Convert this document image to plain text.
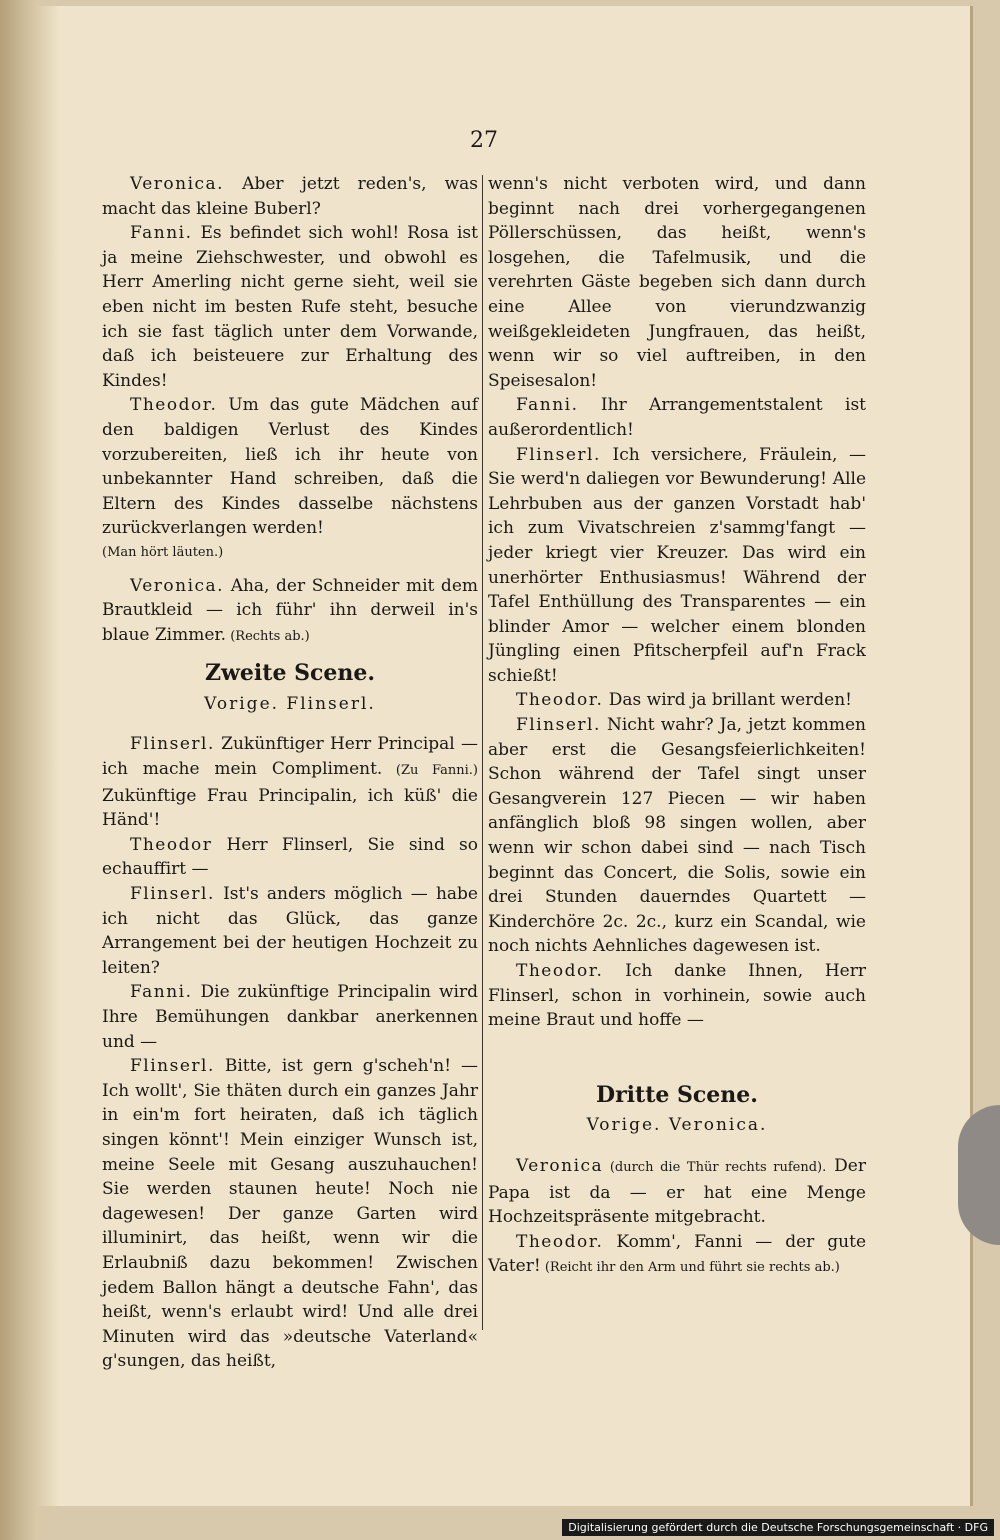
27

Veronica. Aber jetzt reden's, was macht das kleine Buberl?

Fanni. Es befindet sich wohl! Rosa ist ja meine Ziehschwester, und obwohl es Herr Amerling nicht gerne sieht, weil sie eben nicht im besten Rufe steht, besuche ich sie fast täglich unter dem Vorwande, daß ich beisteuere zur Erhaltung des Kindes!

Theodor. Um das gute Mädchen auf den baldigen Verlust des Kindes vorzubereiten, ließ ich ihr heute von unbekannter Hand schreiben, daß die Eltern des Kindes dasselbe nächstens zurückverlangen werden!

(Man hört läuten.)

Veronica. Aha, der Schneider mit dem Brautkleid — ich führ' ihn derweil in's blaue Zimmer. (Rechts ab.)

Zweite Scene.
Vorige. Flinserl.

Flinserl. Zukünftiger Herr Principal — ich mache mein Compliment. (Zu Fanni.) Zukünftige Frau Principalin, ich küß' die Händ'!

Theodor Herr Flinserl, Sie sind so echauffirt —

Flinserl. Ist's anders möglich — habe ich nicht das Glück, das ganze Arrangement bei der heutigen Hochzeit zu leiten?

Fanni. Die zukünftige Principalin wird Ihre Bemühungen dankbar anerkennen und —

Flinserl. Bitte, ist gern g'scheh'n! — Ich wollt', Sie thäten durch ein ganzes Jahr in ein'm fort heiraten, daß ich täglich singen könnt'! Mein einziger Wunsch ist, meine Seele mit Gesang auszuhauchen! Sie werden staunen heute! Noch nie dagewesen! Der ganze Garten wird illuminirt, das heißt, wenn wir die Erlaubniß dazu bekommen! Zwischen jedem Ballon hängt a deutsche Fahn', das heißt, wenn's erlaubt wird! Und alle drei Minuten wird das »deutsche Vaterland« g'sungen, das heißt,

wenn's nicht verboten wird, und dann beginnt nach drei vorhergegangenen Pöllerschüssen, das heißt, wenn's losgehen, die Tafelmusik, und die verehrten Gäste begeben sich dann durch eine Allee von vierundzwanzig weißgekleideten Jungfrauen, das heißt, wenn wir so viel auftreiben, in den Speisesalon!

Fanni. Ihr Arrangementstalent ist außerordentlich!

Flinserl. Ich versichere, Fräulein, — Sie werd'n daliegen vor Bewunderung! Alle Lehrbuben aus der ganzen Vorstadt hab' ich zum Vivatschreien z'sammg'fangt — jeder kriegt vier Kreuzer. Das wird ein unerhörter Enthusiasmus! Während der Tafel Enthüllung des Transparentes — ein blinder Amor — welcher einem blonden Jüngling einen Pfitscherpfeil auf'n Frack schießt!

Theodor. Das wird ja brillant werden!

Flinserl. Nicht wahr? Ja, jetzt kommen aber erst die Gesangsfeierlichkeiten! Schon während der Tafel singt unser Gesangverein 127 Piecen — wir haben anfänglich bloß 98 singen wollen, aber wenn wir schon dabei sind — nach Tisch beginnt das Concert, die Solis, sowie ein drei Stunden dauerndes Quartett — Kinderchöre 2c. 2c., kurz ein Scandal, wie noch nichts Aehnliches dagewesen ist.

Theodor. Ich danke Ihnen, Herr Flinserl, schon in vorhinein, sowie auch meine Braut und hoffe —

Dritte Scene.
Vorige. Veronica.

Veronica (durch die Thür rechts rufend). Der Papa ist da — er hat eine Menge Hochzeitspräsente mitgebracht.

Theodor. Komm', Fanni — der gute Vater! (Reicht ihr den Arm und führt sie rechts ab.)

Digitalisierung gefördert durch die Deutsche Forschungsgemeinschaft · DFG
